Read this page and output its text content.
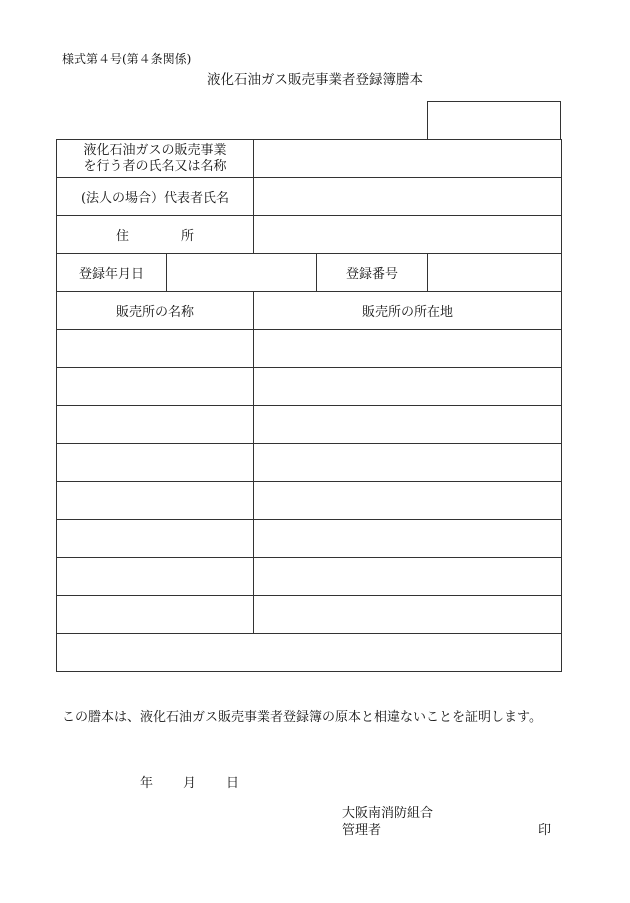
様式第４号(第４条関係)
液化石油ガス販売事業者登録簿謄本
液化石油ガスの販売事業
を行う者の氏名又は名称				

(法人の場合）代表者氏名				
住 所				
登録年月日			登録番号	
販売所の名称		販売所の所在地		

この謄本は、液化石油ガス販売事業者登録簿の原本と相違ないことを証明します。
年 月 日
大阪南消防組合
管理者	印
